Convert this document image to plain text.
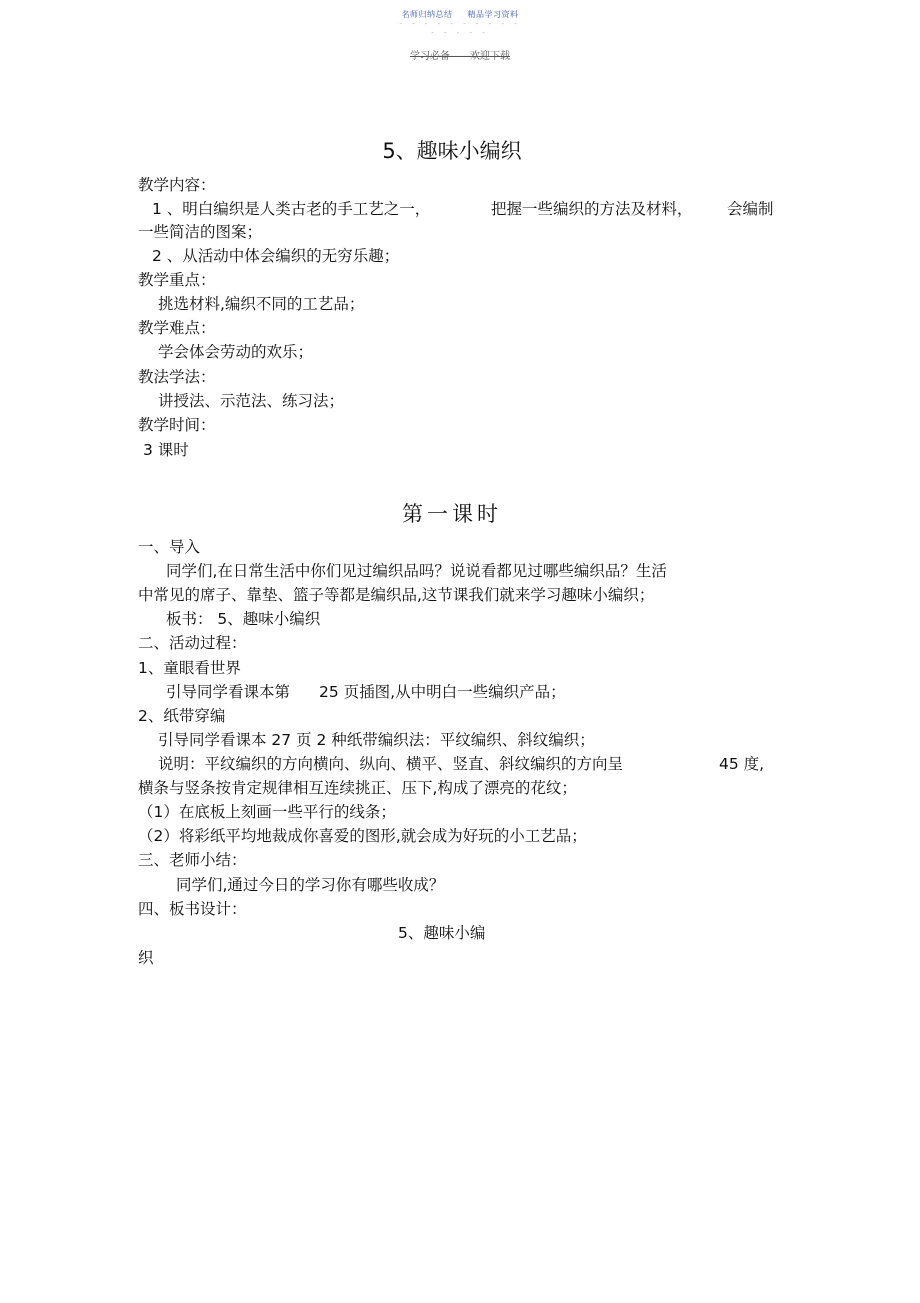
名师归纳总结 精品学习资料
- - - - - - - - - -
- - - - -
学习必备——欢迎下载
5、趣味小编织
教学内容：
1 、明白编织是人类古老的手工艺之一，	把握一些编织的方法及材料， 会编制
一些简洁的图案；
2 、从活动中体会编织的无穷乐趣；
教学重点：
挑选材料,编织不同的工艺品；
教学难点：
学会体会劳动的欢乐；
教法学法：
讲授法、示范法、练习法；
教学时间：
3 课时
第一课时
一、导入
同学们,在日常生活中你们见过编织品吗？说说看都见过哪些编织品？生活
中常见的席子、靠垫、篮子等都是编织品,这节课我们就来学习趣味小编织；
板书： 5、趣味小编织
二、活动过程：
1、童眼看世界
引导同学看课本第 25 页插图,从中明白一些编织产品；
2、纸带穿编
引导同学看课本 27 页 2 种纸带编织法：平纹编织、斜纹编织；
说明：平纹编织的方向横向、纵向、横平、竖直、斜纹编织的方向呈	45 度,
横条与竖条按肯定规律相互连续挑正、压下,构成了漂亮的花纹；
（1）在底板上刻画一些平行的线条；
（2）将彩纸平均地裁成你喜爱的图形,就会成为好玩的小工艺品；
三、老师小结：
同学们,通过今日的学习你有哪些收成？
四、板书设计：
5、趣味小编
织
